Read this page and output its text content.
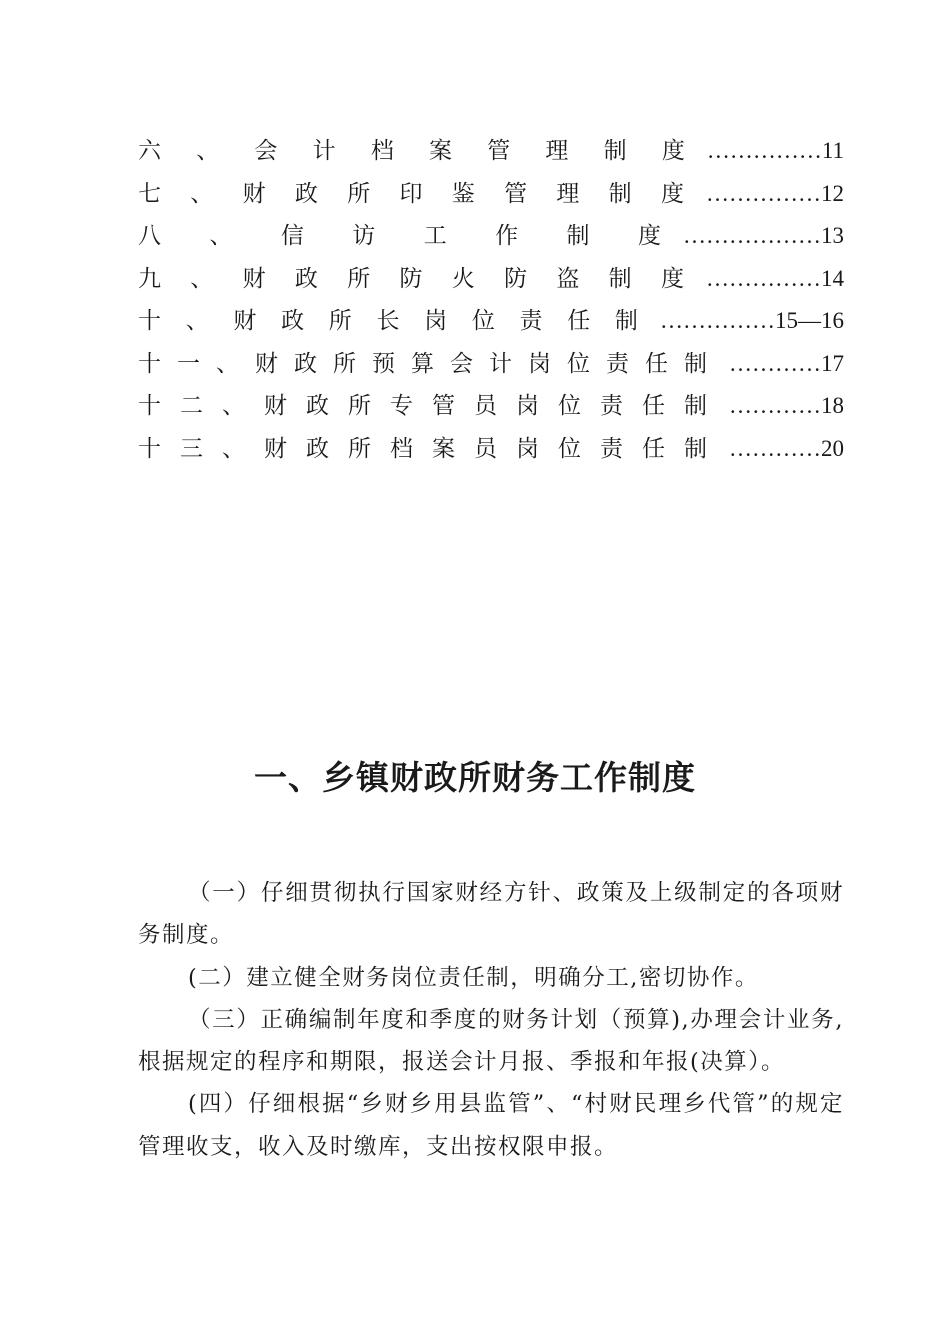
六 、 会 计 档 案 管 理 制 度 …………… 11
七 、 财 政 所 印 鉴 管 理 制 度 …………… 12
八 、 信 访 工 作 制 度 ……………… 13
九 、 财 政 所 防 火 防 盗 制 度 …………… 14
十 、 财 政 所 长 岗 位 责 任 制 …………… 15—16
十 一 、 财 政 所 预 算 会 计 岗 位 责 任 制 ………… 17
十 二 、 财 政 所 专 管 员 岗 位 责 任 制 ………… 18
十 三 、 财 政 所 档 案 员 岗 位 责 任 制 ………… 20
一、乡镇财政所财务工作制度

（一）仔细贯彻执行国家财经方针、政策及上级制定的各项财务制度。

(二）建立健全财务岗位责任制，明确分工,密切协作。

（三）正确编制年度和季度的财务计划（预算),办理会计业务,根据规定的程序和期限，报送会计月报、季报和年报(决算）。

(四）仔细根据“乡财乡用县监管”、“村财民理乡代管”的规定管理收支，收入及时缴库，支出按权限申报。
